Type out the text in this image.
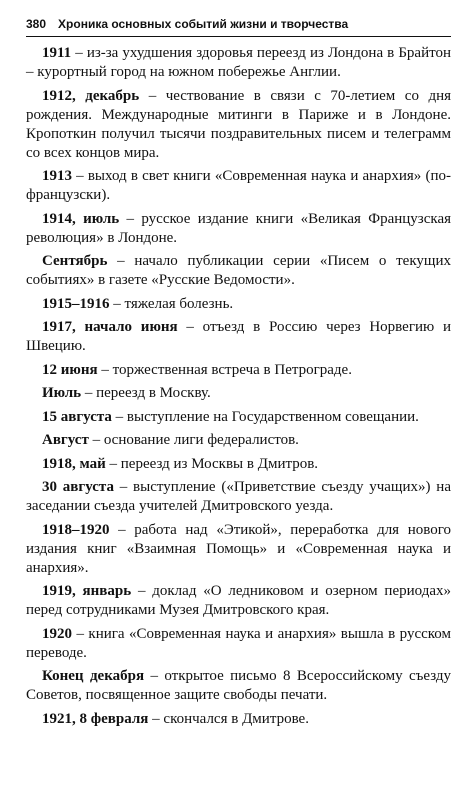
380 Хроника основных событий жизни и творчества

1911 – из-за ухудшения здоровья переезд из Лондона в Брайтон – курортный город на южном побережье Англии.

1912, декабрь – чествование в связи с 70-летием со дня рождения. Международные митинги в Париже и в Лондоне. Кропоткин получил тысячи поздравительных писем и телеграмм со всех концов мира.

1913 – выход в свет книги «Современная наука и анархия» (по-французски).

1914, июль – русское издание книги «Великая Французская революция» в Лондоне.

Сентябрь – начало публикации серии «Писем о текущих событиях» в газете «Русские Ведомости».

1915–1916 – тяжелая болезнь.

1917, начало июня – отъезд в Россию через Норвегию и Швецию.

12 июня – торжественная встреча в Петрограде.

Июль – переезд в Москву.

15 августа – выступление на Государственном совещании.

Август – основание лиги федералистов.

1918, май – переезд из Москвы в Дмитров.

30 августа – выступление («Приветствие съезду учащих») на заседании съезда учителей Дмитровского уезда.

1918–1920 – работа над «Этикой», переработка для нового издания книг «Взаимная Помощь» и «Современная наука и анархия».

1919, январь – доклад «О ледниковом и озерном периодах» перед сотрудниками Музея Дмитровского края.

1920 – книга «Современная наука и анархия» вышла в русском переводе.

Конец декабря – открытое письмо 8 Всероссийскому съезду Советов, посвященное защите свободы печати.

1921, 8 февраля – скончался в Дмитрове.
